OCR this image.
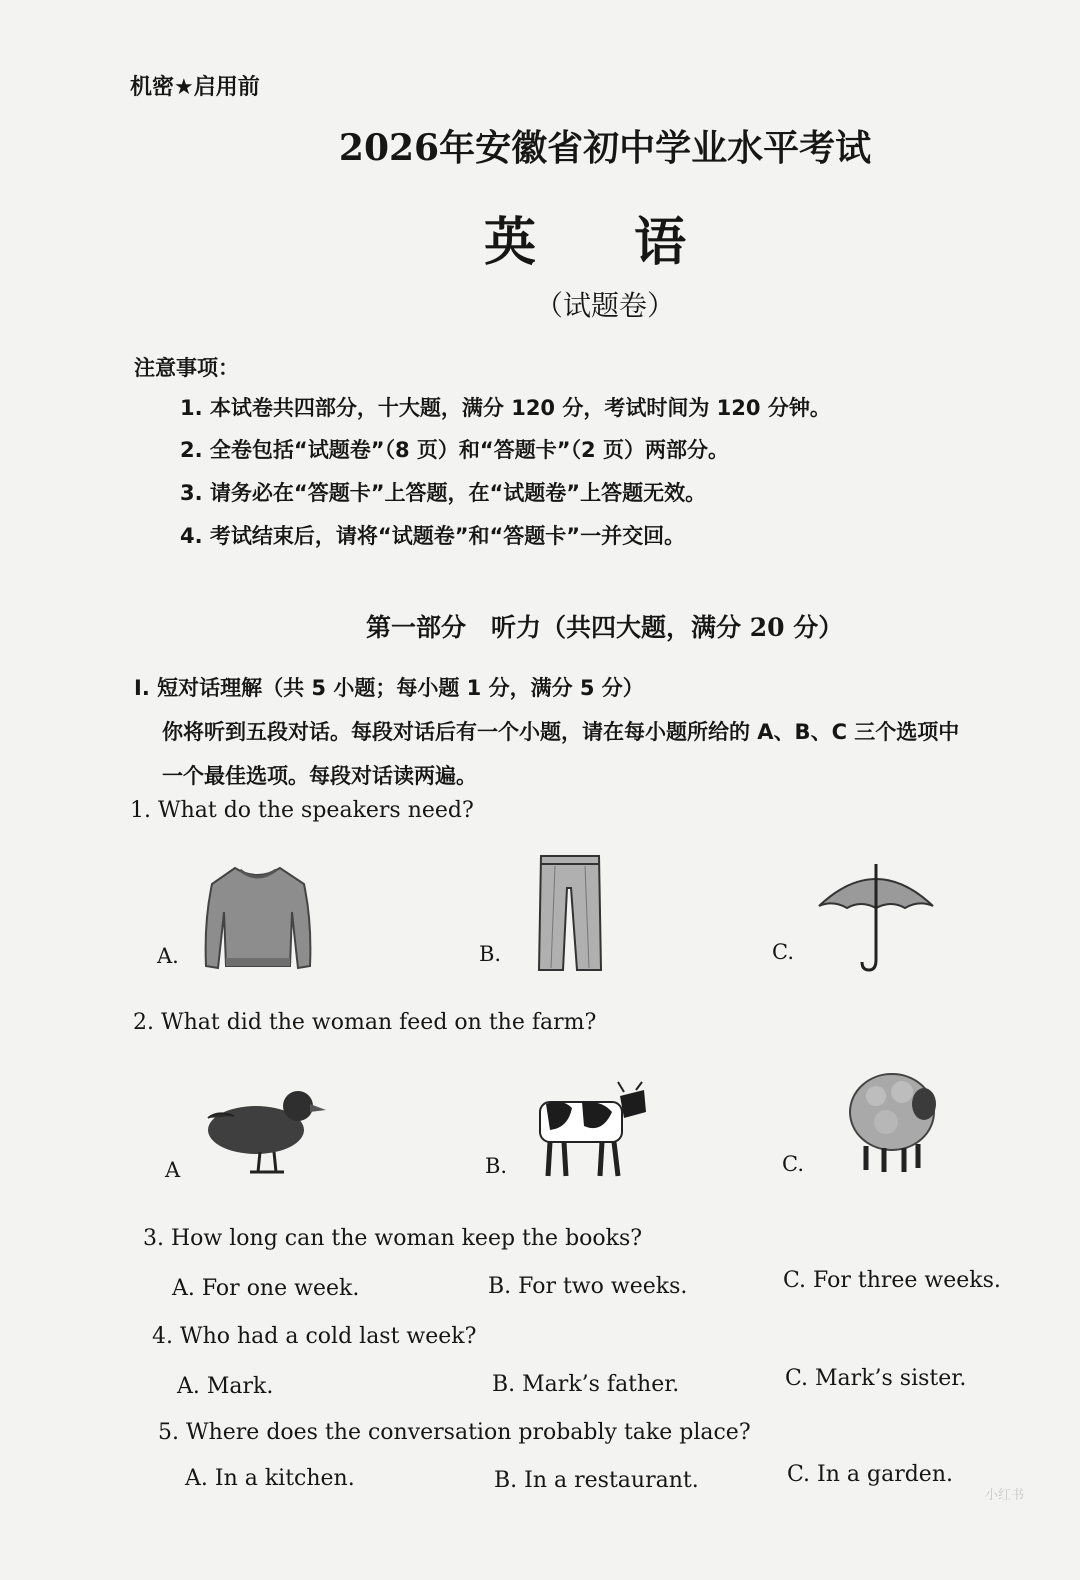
机密★启用前
2026年安徽省初中学业水平考试
英 语
（试题卷）
注意事项：
1. 本试卷共四部分，十大题，满分 120 分，考试时间为 120 分钟。
2. 全卷包括“试题卷”（8 页）和“答题卡”（2 页）两部分。
3. 请务必在“答题卡”上答题，在“试题卷”上答题无效。
4. 考试结束后，请将“试题卷”和“答题卡”一并交回。
第一部分　听力（共四大题，满分 20 分）
I. 短对话理解（共 5 小题；每小题 1 分，满分 5 分）
你将听到五段对话。每段对话后有一个小题，请在每小题所给的 A、B、C 三个选项中
一个最佳选项。每段对话读两遍。
1. What do the speakers need?
A.	B.	C.
2. What did the woman feed on the farm?
A	B.	C.
3. How long can the woman keep the books?
A. For one week.	B. For two weeks.	C. For three weeks.
4. Who had a cold last week?
A. Mark.	B. Mark’s father.	C. Mark’s sister.
5. Where does the conversation probably take place?
A. In a kitchen.	B. In a restaurant.	C. In a garden.
小红书
